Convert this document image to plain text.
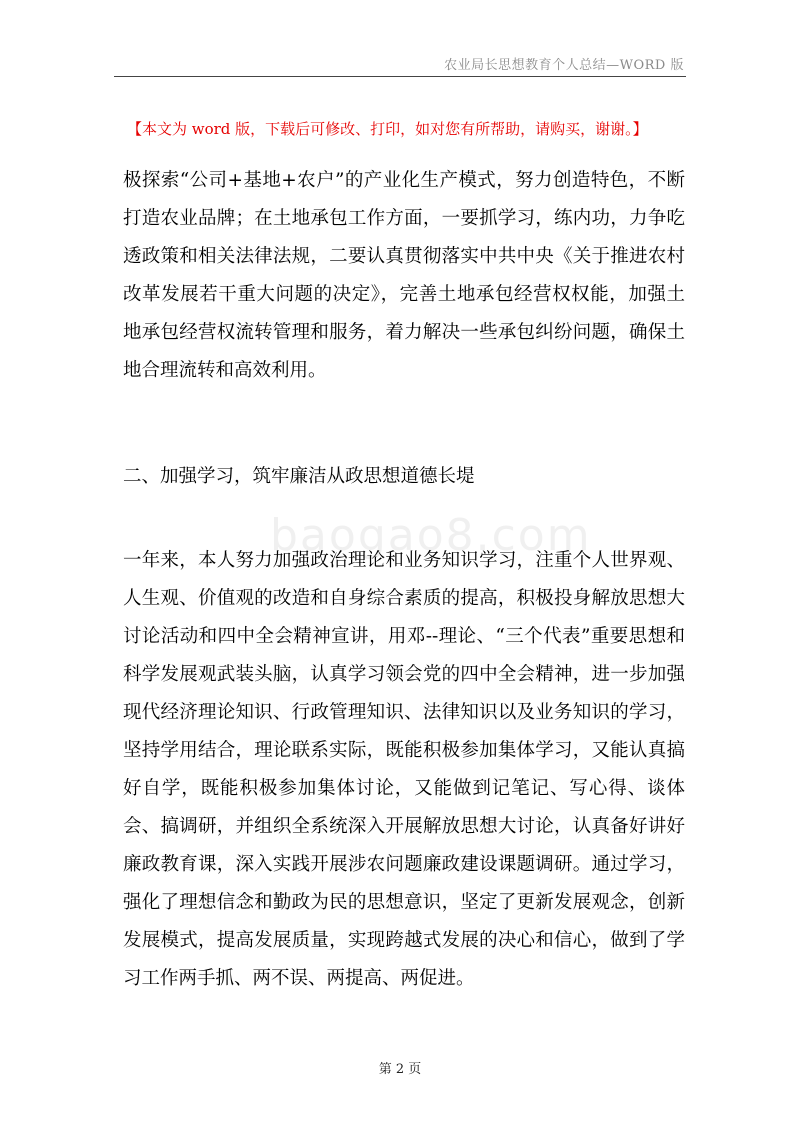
农业局长思想教育个人总结—WORD 版
【本文为 word 版，下载后可修改、打印，如对您有所帮助，请购买，谢谢。】

极探索“公司+基地+农户”的产业化生产模式，努力创造特色，不断打造农业品牌；在土地承包工作方面，一要抓学习，练内功，力争吃透政策和相关法律法规，二要认真贯彻落实中共中央《关于推进农村改革发展若干重大问题的决定》，完善土地承包经营权权能，加强土地承包经营权流转管理和服务，着力解决一些承包纠纷问题，确保土地合理流转和高效利用。

二、加强学习，筑牢廉洁从政思想道德长堤

baogao8.com

一年来，本人努力加强政治理论和业务知识学习，注重个人世界观、人生观、价值观的改造和自身综合素质的提高，积极投身解放思想大讨论活动和四中全会精神宣讲，用邓--理论、“三个代表”重要思想和科学发展观武装头脑，认真学习领会党的四中全会精神，进一步加强现代经济理论知识、行政管理知识、法律知识以及业务知识的学习，坚持学用结合，理论联系实际，既能积极参加集体学习，又能认真搞好自学，既能积极参加集体讨论，又能做到记笔记、写心得、谈体会、搞调研，并组织全系统深入开展解放思想大讨论，认真备好讲好廉政教育课，深入实践开展涉农问题廉政建设课题调研。通过学习，强化了理想信念和勤政为民的思想意识，坚定了更新发展观念，创新发展模式，提高发展质量，实现跨越式发展的决心和信心，做到了学习工作两手抓、两不误、两提高、两促进。

第 2 页
